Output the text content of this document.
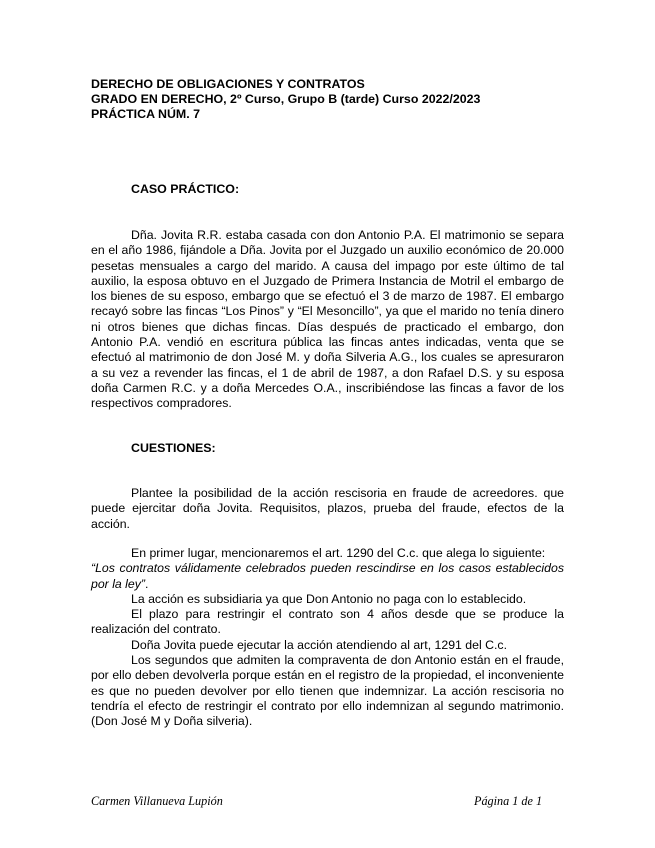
DERECHO DE OBLIGACIONES Y CONTRATOS
GRADO EN DERECHO, 2º Curso, Grupo B (tarde) Curso 2022/2023
PRÁCTICA NÚM. 7
CASO PRÁCTICO:
Dña. Jovita R.R. estaba casada con don Antonio P.A. El matrimonio se separa en el año 1986, fijándole a Dña. Jovita por el Juzgado un auxilio económico de 20.000 pesetas mensuales a cargo del marido. A causa del impago por este último de tal auxilio, la esposa obtuvo en el Juzgado de Primera Instancia de Motril el embargo de los bienes de su esposo, embargo que se efectuó el 3 de marzo de 1987. El embargo recayó sobre las fincas “Los Pinos” y “El Mesoncillo”, ya que el marido no tenía dinero ni otros bienes que dichas fincas. Días después de practicado el embargo, don Antonio P.A. vendió en escritura pública las fincas antes indicadas, venta que se efectuó al matrimonio de don José M. y doña Silveria A.G., los cuales se apresuraron a su vez a revender las fincas, el 1 de abril de 1987, a don Rafael D.S. y su esposa doña Carmen R.C. y a doña Mercedes O.A., inscribiéndose las fincas a favor de los respectivos compradores.
CUESTIONES:
Plantee la posibilidad de la acción rescisoria en fraude de acreedores. que puede ejercitar doña Jovita. Requisitos, plazos, prueba del fraude, efectos de la acción.
En primer lugar, mencionaremos el art. 1290 del C.c. que alega lo siguiente:
“Los contratos válidamente celebrados pueden rescindirse en los casos establecidos por la ley”.
La acción es subsidiaria ya que Don Antonio no paga con lo establecido.
El plazo para restringir el contrato son 4 años desde que se produce la realización del contrato.
Doña Jovita puede ejecutar la acción atendiendo al art, 1291 del C.c.
Los segundos que admiten la compraventa de don Antonio están en el fraude, por ello deben devolverla porque están en el registro de la propiedad, el inconveniente es que no pueden devolver por ello tienen que indemnizar. La acción rescisoria no tendría el efecto de restringir el contrato por ello indemnizan al segundo matrimonio. (Don José M y Doña silveria).
Carmen Villanueva Lupión	Página 1 de 1
